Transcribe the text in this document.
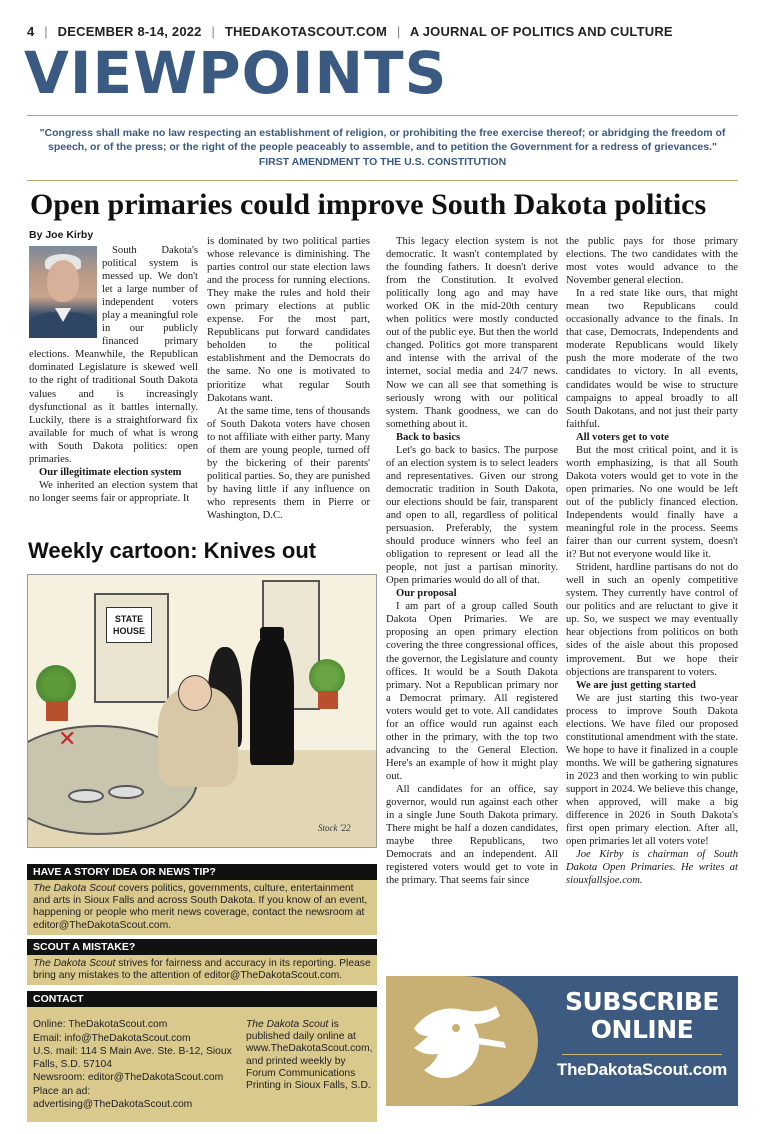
4 | DECEMBER 8-14, 2022 | THEDAKOTASCOUT.COM | A JOURNAL OF POLITICS AND CULTURE
VIEWPOINTS
"Congress shall make no law respecting an establishment of religion, or prohibiting the free exercise thereof; or abridging the freedom of speech, or of the press; or the right of the people peaceably to assemble, and to petition the Government for a redress of grievances."
FIRST AMENDMENT TO THE U.S. CONSTITUTION
Open primaries could improve South Dakota politics
By Joe Kirby

South Dakota's political system is messed up. We don't let a large number of independent voters play a meaningful role in our publicly financed primary elections. Meanwhile, the Republican dominated Legislature is skewed well to the right of traditional South Dakota values and is increasingly dysfunctional as it battles internally. Luckily, there is a straightforward fix available for much of what is wrong with South Dakota politics: open primaries.

Our illegitimate election system

We inherited an election system that no longer seems fair or appropriate. It

is dominated by two political parties whose relevance is diminishing. The parties control our state election laws and the process for running elections. They make the rules and hold their own primary elections at public expense. For the most part, Republicans put forward candidates beholden to the political establishment and the Democrats do the same. No one is motivated to prioritize what regular South Dakotans want.

At the same time, tens of thousands of South Dakota voters have chosen to not affiliate with either party. Many of them are young people, turned off by the bickering of their parents' political parties. So, they are punished by having little if any influence on who represents them in Pierre or Washington, D.C.

This legacy election system is not democratic. It wasn't contemplated by the founding fathers. It doesn't derive from the Constitution. It evolved politically long ago and may have worked OK in the mid-20th century when politics were mostly conducted out of the public eye. But then the world changed. Politics got more transparent and intense with the arrival of the internet, social media and 24/7 news. Now we can all see that something is seriously wrong with our political system. Thank goodness, we can do something about it.

Back to basics

Let's go back to basics. The purpose of an election system is to select leaders and representatives. Given our strong democratic tradition in South Dakota, our elections should be fair, transparent and open to all, regardless of political persuasion. Preferably, the system should produce winners who feel an obligation to represent or lead all the people, not just a partisan minority. Open primaries would do all of that.

Our proposal

I am part of a group called South Dakota Open Primaries. We are proposing an open primary election covering the three congressional offices, the governor, the Legislature and county offices. It would be a South Dakota primary. Not a Republican primary nor a Democrat primary. All registered voters would get to vote. All candidates for an office would run against each other in the primary, with the top two advancing to the General Election. Here's an example of how it might play out.

All candidates for an office, say governor, would run against each other in a single June South Dakota primary. There might be half a dozen candidates, maybe three Republicans, two Democrats and an independent. All registered voters would get to vote in the primary. That seems fair since

the public pays for those primary elections. The two candidates with the most votes would advance to the November general election.

In a red state like ours, that might mean two Republicans could occasionally advance to the finals. In that case, Democrats, Independents and moderate Republicans would likely push the more moderate of the two candidates to victory. In all events, candidates would be wise to structure campaigns to appeal broadly to all South Dakotans, and not just their party faithful.

All voters get to vote

But the most critical point, and it is worth emphasizing, is that all South Dakota voters would get to vote in the open primaries. No one would be left out of the publicly financed election. Independents would finally have a meaningful role in the process. Seems fairer than our current system, doesn't it? But not everyone would like it.

Strident, hardline partisans do not do well in such an openly competitive system. They currently have control of our politics and are reluctant to give it up. So, we suspect we may eventually hear objections from politicos on both sides of the aisle about this proposed improvement. But we hope their objections are transparent to voters.

We are just getting started

We are just starting this two-year process to improve South Dakota elections. We have filed our proposed constitutional amendment with the state. We hope to have it finalized in a couple months. We will be gathering signatures in 2023 and then working to win public support in 2024. We believe this change, when approved, will make a big difference in 2026 in South Dakota's first open primary election. After all, open primaries let all voters vote!

Joe Kirby is chairman of South Dakota Open Primaries. He writes at siouxfallsjoe.com.

Weekly cartoon: Knives out
STATE
HOUSE
✕
Stock '22
HAVE A STORY IDEA OR NEWS TIP?
The Dakota Scout covers politics, governments, culture, entertainment and arts in Sioux Falls and across South Dakota. If you know of an event, happening or people who merit news coverage, contact the newsroom at editor@TheDakotaScout.com.
SCOUT A MISTAKE?
The Dakota Scout strives for fairness and accuracy in its reporting. Please bring any mistakes to the attention of editor@TheDakotaScout.com.
CONTACT
Online: TheDakotaScout.com
Email: info@TheDakotaScout.com
U.S. mail: 114 S Main Ave. Ste. B-12, Sioux Falls, S.D. 57104
Newsroom: editor@TheDakotaScout.com
Place an ad: advertising@TheDakotaScout.com
The Dakota Scout is published daily online at www.TheDakotaScout.com, and printed weekly by Forum Communications Printing in Sioux Falls, S.D.
SUBSCRIBE
ONLINE
TheDakotaScout.com
